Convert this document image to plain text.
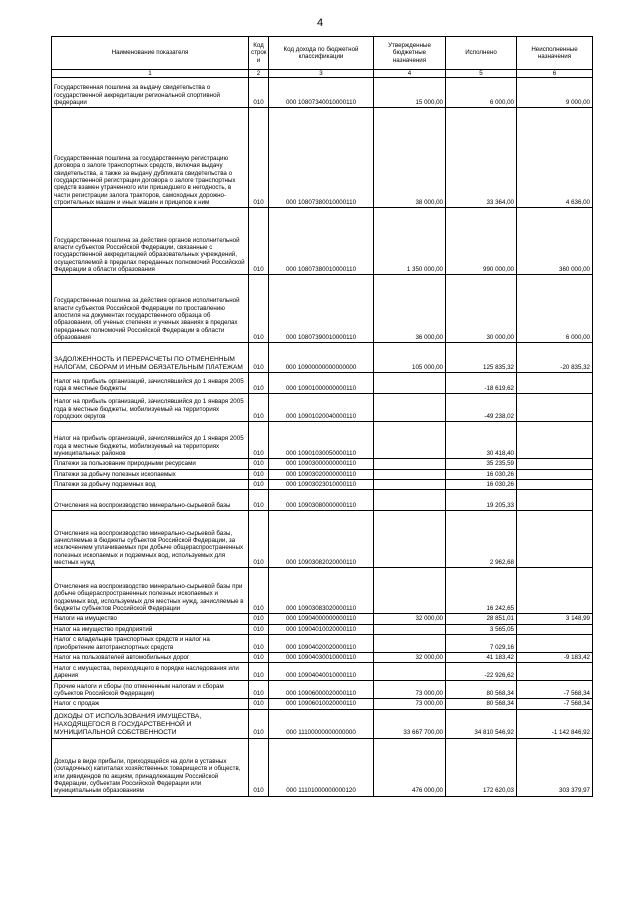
4
Наименование показателя	Код строк и	Код дохода по бюджетной классификации	Утвержденные бюджетные назначения	Исполнено	Неисполненные назначения
1	2	3	4	5	6
Государственная пошлина за выдачу свидетельства о государственной аккредитации региональной спортивной федерации	010	000 10807340010000110	15 000,00	6 000,00	9 000,00
Государственная пошлина за государственную регистрацию договора о залоге транспортных средств, включая выдачу свидетельства, а также за выдачу дубликата свидетельства о государственной регистрации договора о залоге транспортных средств взамен утраченного или пришедшего в негодность, в части регистрации залога тракторов, самоходных дорожно-строительных машин и иных машин и прицепов к ним	010	000 10807380010000110	38 000,00	33 364,00	4 636,00
Государственная пошлина за действия органов исполнительной власти субъектов Российской Федерации, связанные с государственной аккредитацией образовательных учреждений, осуществляемой в пределах переданных полномочий Российской Федерации в области образования	010	000 10807380010000110	1 350 000,00	990 000,00	360 000,00
Государственная пошлина за действия органов исполнительной власти субъектов Российской Федерации по проставлению апостиля на документах государственного образца об образовании, об ученых степенях и ученых званиях в пределах переданных полномочий Российской Федерации в области образования	010	000 10807390010000110	36 000,00	30 000,00	6 000,00
ЗАДОЛЖЕННОСТЬ И ПЕРЕРАСЧЕТЫ ПО ОТМЕНЕННЫМ НАЛОГАМ, СБОРАМ И ИНЫМ ОБЯЗАТЕЛЬНЫМ ПЛАТЕЖАМ	010	000 10900000000000000	105 000,00	125 835,32	-20 835,32
Налог на прибыль организаций, зачислявшийся до 1 января 2005 года в местные бюджеты	010	000 10901000000000110		-18 619,62	
Налог на прибыль организаций, зачислявшийся до 1 января 2005 года в местные бюджеты, мобилизуемый на территориях городских округов	010	000 10901020040000110		-49 238,02	
Налог на прибыль организаций, зачислявшийся до 1 января 2005 года в местные бюджеты, мобилизуемый на территориях муниципальных районов	010	000 10901030050000110		30 418,40	
Платежи за пользование природными ресурсами	010	000 10903000000000110		35 235,59	
Платежи за добычу полезных ископаемых	010	000 10903020000000110		16 030,26	
Платежи за добычу подземных вод	010	000 10903023010000110		16 030,26	
Отчисления на воспроизводство минерально-сырьевой базы	010	000 10903080000000110		19 205,33	
Отчисления на воспроизводство минерально-сырьевой базы, зачисляемые в бюджеты субъектов Российской Федерации, за исключением уплачиваемых при добыче общераспространенных полезных ископаемых и подземных вод, используемых для местных нужд	010	000 10903082020000110		2 962,68	
Отчисления на воспроизводство минерально-сырьевой базы при добыче общераспространенных полезных ископаемых и подземных вод, используемых для местных нужд, зачисляемые в бюджеты субъектов Российской Федерации	010	000 10903083020000110		16 242,65	
Налоги на имущество	010	000 10904000000000110	32 000,00	28 851,01	3 148,99
Налог на имущество предприятий	010	000 10904010020000110		3 565,05	
Налог с владельцев транспортных средств и налог на приобретение автотранспортных средств	010	000 10904020020000110		7 029,16	
Налог на пользователей автомобильных дорог	010	000 10904030010000110	32 000,00	41 183,42	-9 183,42
Налог с имущества, переходящего в порядке наследования или дарения	010	000 10904040010000110		-22 926,62	
Прочие налоги и сборы (по отмененным налогам и сборам субъектов Российской Федерации)	010	000 10906000020000110	73 000,00	80 568,34	-7 568,34
Налог с продаж	010	000 10906010020000110	73 000,00	80 568,34	-7 568,34
ДОХОДЫ ОТ ИСПОЛЬЗОВАНИЯ ИМУЩЕСТВА, НАХОДЯЩЕГОСЯ В ГОСУДАРСТВЕННОЙ И МУНИЦИПАЛЬНОЙ СОБСТВЕННОСТИ	010	000 11100000000000000	33 667 700,00	34 810 546,92	-1 142 846,92
Доходы в виде прибыли, приходящейся на доли в уставных (складочных) капиталах хозяйственных товариществ и обществ, или дивидендов по акциям, принадлежащим Российской Федерации, субъектам Российской Федерации или муниципальным образованиям	010	000 11101000000000120	476 000,00	172 620,03	303 379,97
